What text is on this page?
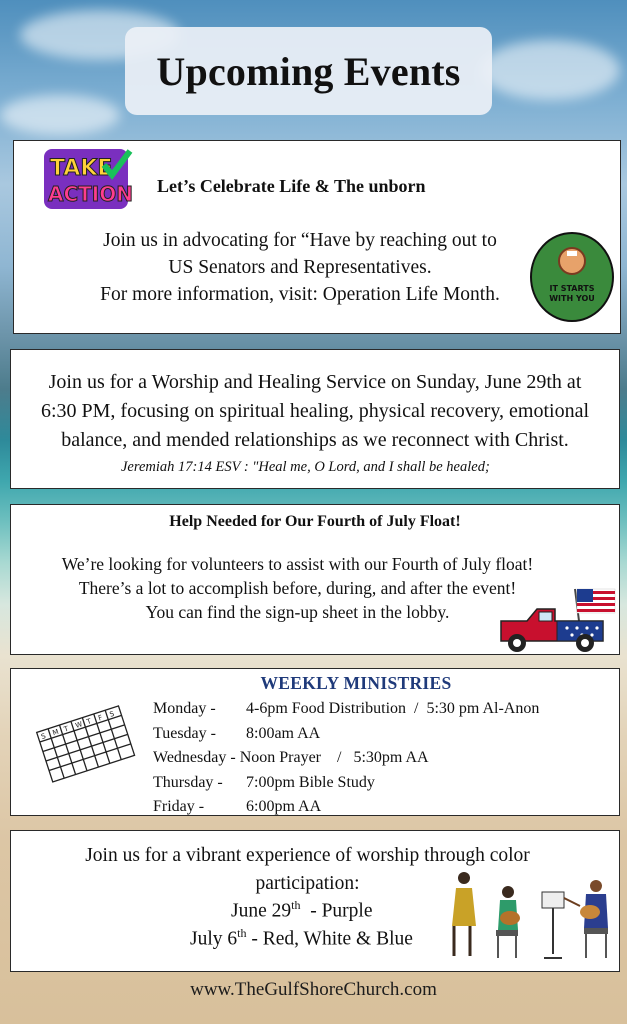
Upcoming Events
TAKE
ACTION Let’s Celebrate Life & The unborn
Join us in advocating for “Have by reaching out to
US Senators and Representatives.
For more information, visit: Operation Life Month.	IT STARTS
WITH YOU
Join us for a Worship and Healing Service on Sunday, June 29th at
6:30 PM, focusing on spiritual healing, physical recovery, emotional
balance, and mended relationships as we reconnect with Christ.
Jeremiah 17:14 ESV : "Heal me, O Lord, and I shall be healed;
Help Needed for Our Fourth of July Float!
We’re looking for volunteers to assist with our Fourth of July float!
There’s a lot to accomplish before, during, and after the event!
You can find the sign-up sheet in the lobby.
WEEKLY MINISTRIES
S M T W T F S Monday -	4-6pm Food Distribution  /  5:30 pm Al-Anon
Tuesday -	8:00am AA
Wednesday - Noon Prayer    /   5:30pm AA	
Thursday -	7:00pm Bible Study
Friday -	6:00pm AA
Join us for a vibrant experience of worship through color
participation:
June 29th  - Purple
July 6th - Red, White & Blue
www.TheGulfShoreChurch.com
